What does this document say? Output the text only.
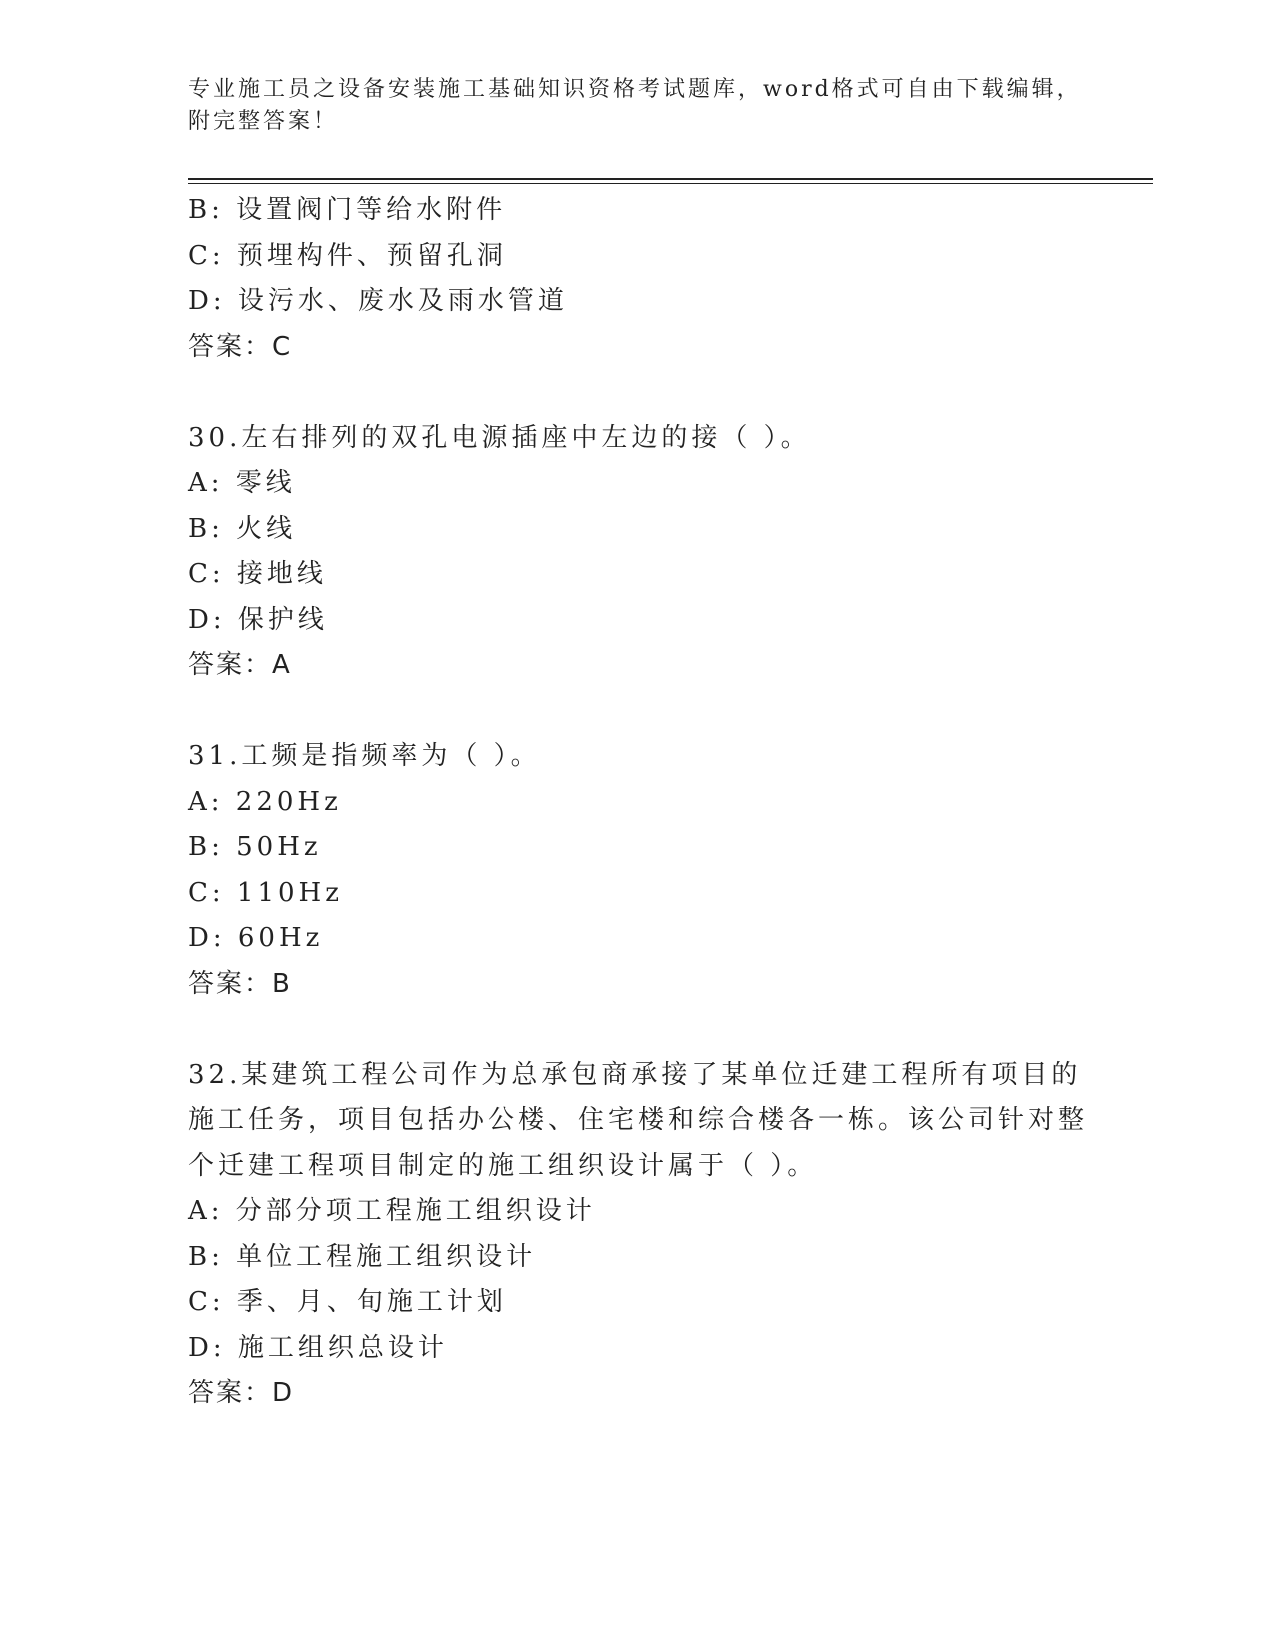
专业施工员之设备安装施工基础知识资格考试题库，word格式可自由下载编辑，
附完整答案！
B: 设置阀门等给水附件
C: 预埋构件、预留孔洞
D: 设污水、废水及雨水管道
答案：C
30.左右排列的双孔电源插座中左边的接（ ）。
A: 零线
B: 火线
C: 接地线
D: 保护线
答案：A
31.工频是指频率为（ ）。
A: 220Hz
B: 50Hz
C: 110Hz
D: 60Hz
答案：B
32.某建筑工程公司作为总承包商承接了某单位迁建工程所有项目的施工任务，项目包括办公楼、住宅楼和综合楼各一栋。该公司针对整个迁建工程项目制定的施工组织设计属于（ ）。
A: 分部分项工程施工组织设计
B: 单位工程施工组织设计
C: 季、月、旬施工计划
D: 施工组织总设计
答案：D
